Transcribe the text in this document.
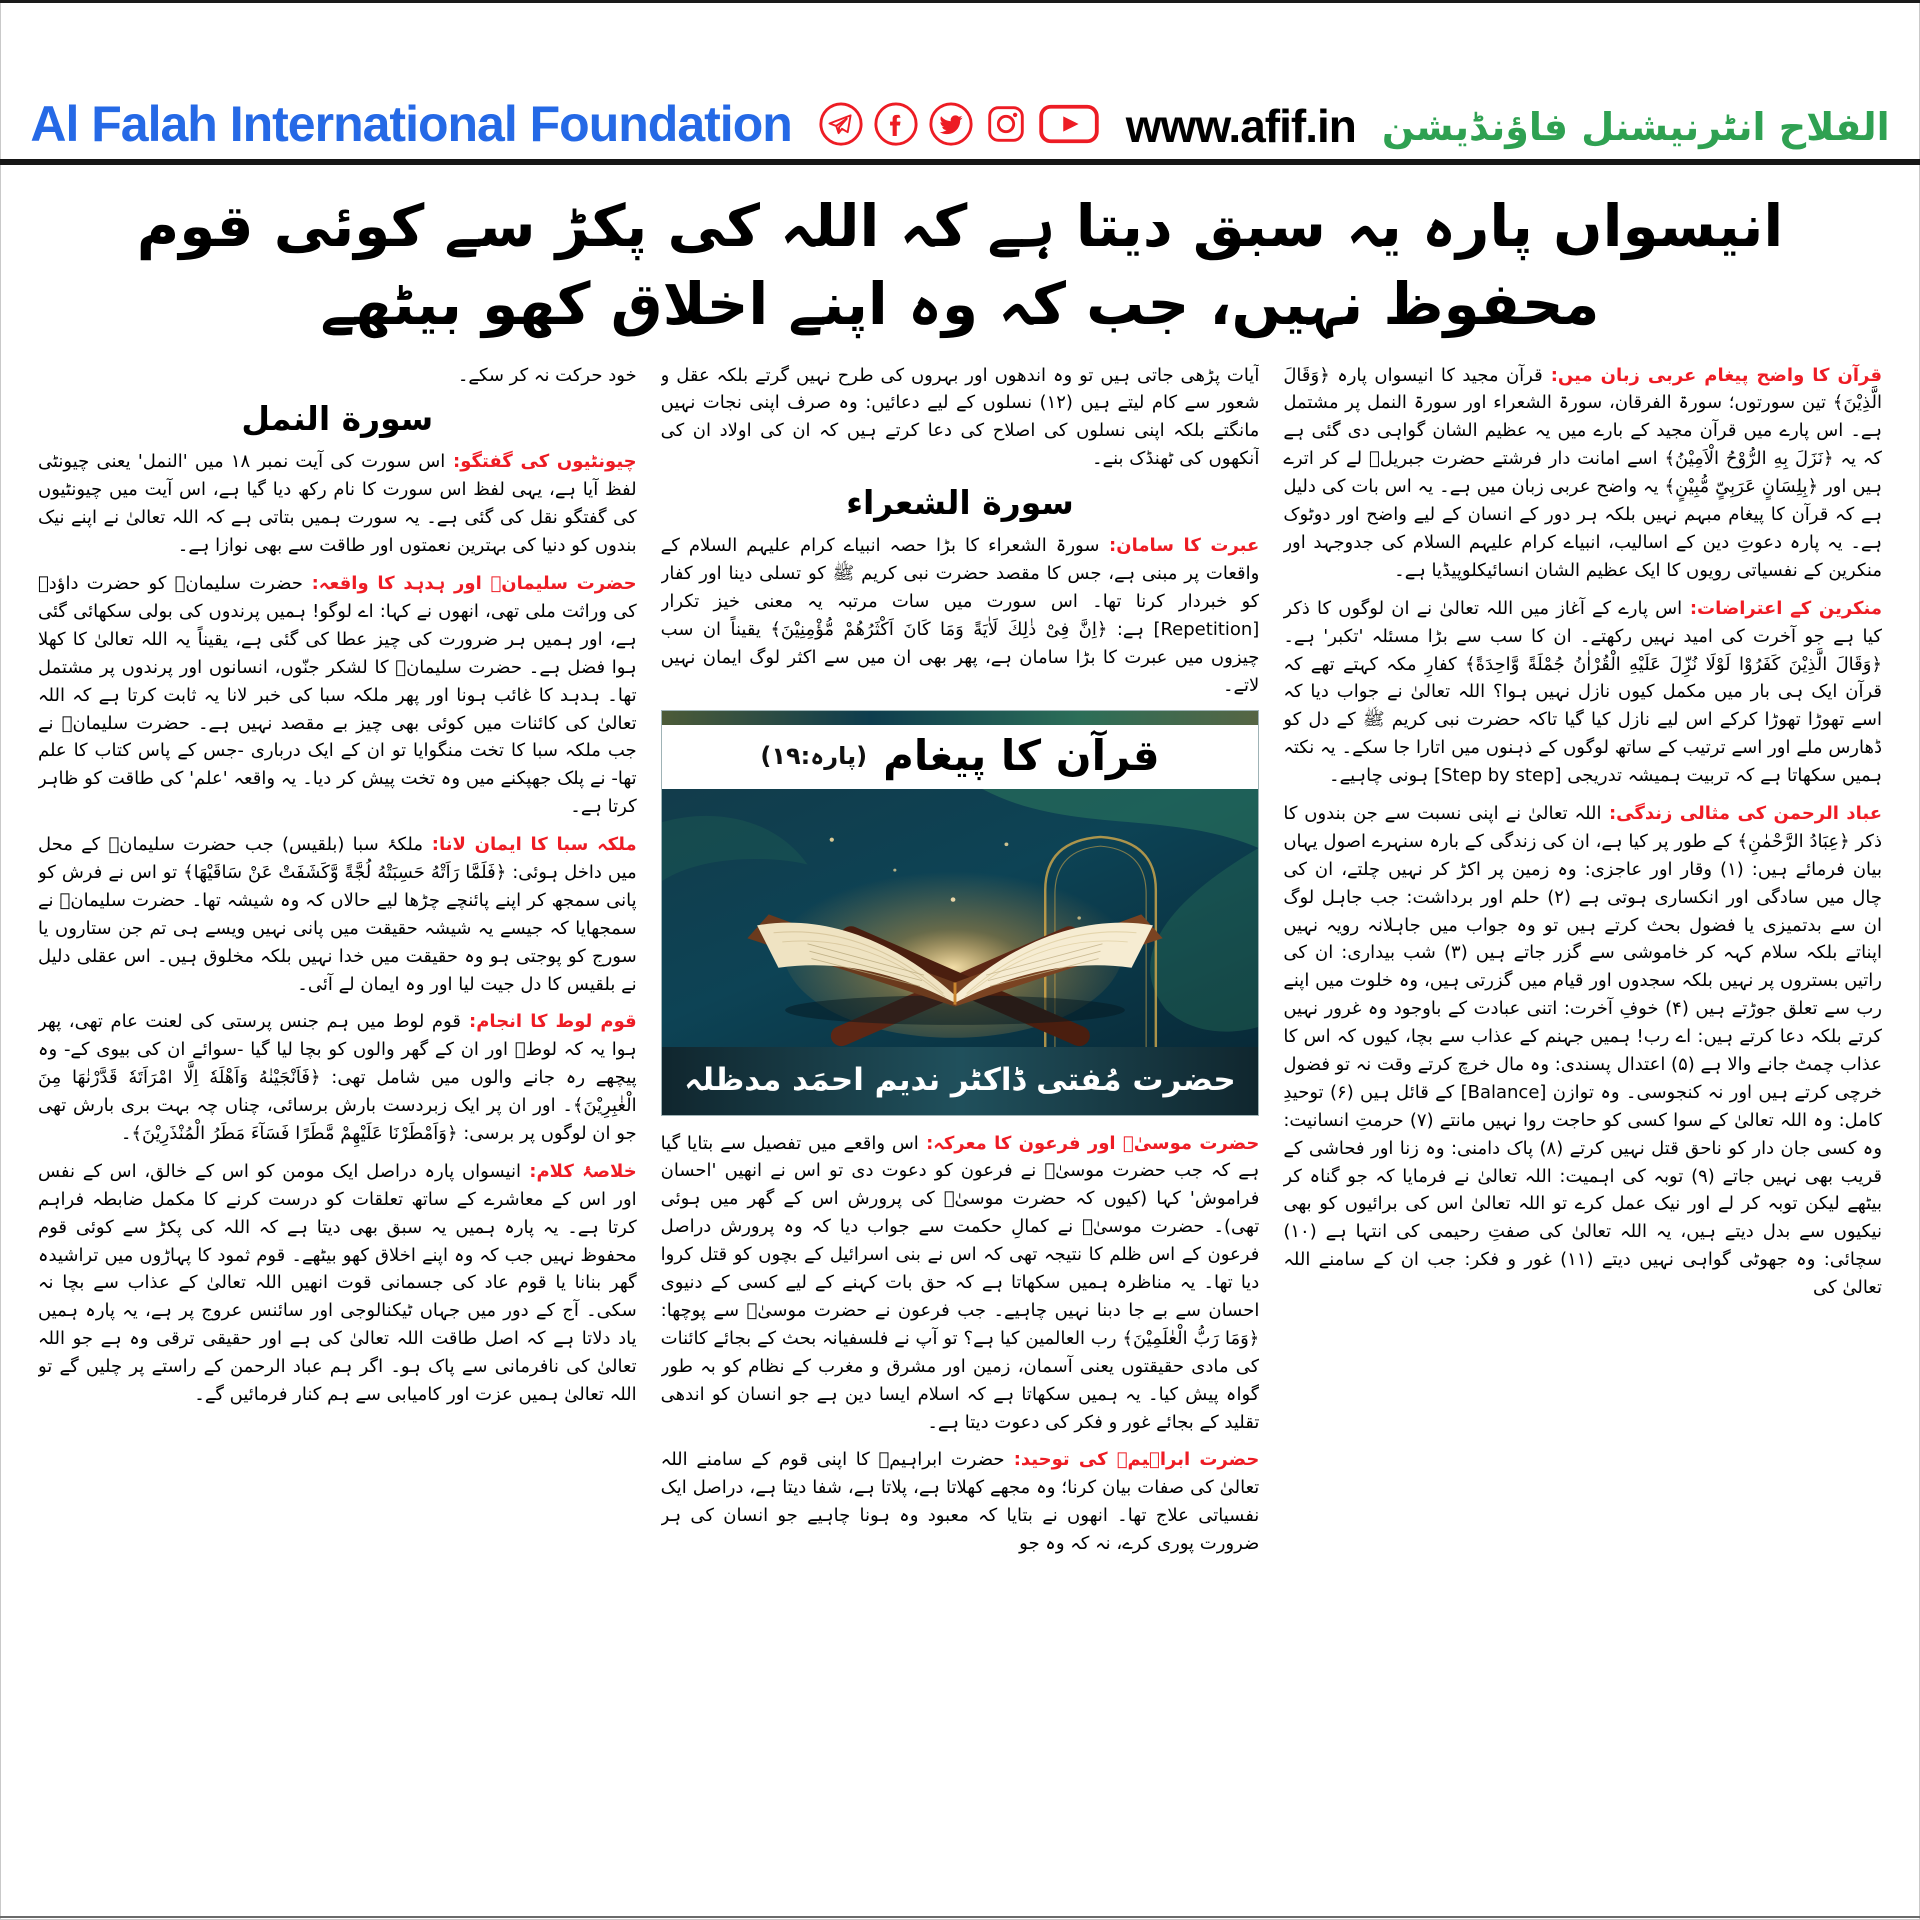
Al Falah International Foundation	www.afif.in الفلاح انٹرنیشنل فاؤنڈیشن
انیسواں پارہ یہ سبق دیتا ہے کہ اللہ کی پکڑ سے کوئی قوم محفوظ نہیں، جب کہ وہ اپنے اخلاق کھو بیٹھے

قرآن کا واضح پیغام عربی زبان میں: قرآن مجید کا انیسواں پارہ ﴿وَقَالَ الَّذِیْنَ﴾ تین سورتوں؛ سورۃ الفرقان، سورۃ الشعراء اور سورۃ النمل پر مشتمل ہے۔ اس پارے میں قرآن مجید کے بارے میں یہ عظیم الشان گواہی دی گئی ہے کہ یہ ﴿نَزَلَ بِهِ الرُّوْحُ الْاَمِیْنُ﴾ اسے امانت دار فرشتے حضرت جبریلؑ لے کر اترے ہیں اور ﴿بِلِسَانٍ عَرَبِیٍّ مُّبِیْنٍ﴾ یہ واضح عربی زبان میں ہے۔ یہ اس بات کی دلیل ہے کہ قرآن کا پیغام مبہم نہیں بلکہ ہر دور کے انسان کے لیے واضح اور دوٹوک ہے۔ یہ پارہ دعوتِ دین کے اسالیب، انبیاے کرام علیہم السلام کی جدوجہد اور منکرین کے نفسیاتی رویوں کا ایک عظیم الشان انسائیکلوپیڈیا ہے۔

منکرین کے اعتراضات: اس پارے کے آغاز میں اللہ تعالیٰ نے ان لوگوں کا ذکر کیا ہے جو آخرت کی امید نہیں رکھتے۔ ان کا سب سے بڑا مسئلہ 'تکبر' ہے۔ ﴿وَقَالَ الَّذِیْنَ کَفَرُوْا لَوْلَا نُزِّلَ عَلَیْهِ الْقُرْاٰنُ جُمْلَةً وَّاحِدَةً﴾ کفارِ مکہ کہتے تھے کہ قرآن ایک ہی بار میں مکمل کیوں نازل نہیں ہوا؟ اللہ تعالیٰ نے جواب دیا کہ اسے تھوڑا تھوڑا کرکے اس لیے نازل کیا گیا تاکہ حضرت نبی کریم ﷺ کے دل کو ڈھارس ملے اور اسے ترتیب کے ساتھ لوگوں کے ذہنوں میں اتارا جا سکے۔ یہ نکتہ ہمیں سکھاتا ہے کہ تربیت ہمیشہ تدریجی [Step by step] ہونی چاہیے۔

عباد الرحمن کی مثالی زندگی: اللہ تعالیٰ نے اپنی نسبت سے جن بندوں کا ذکر ﴿عِبَادُ الرَّحْمٰنِ﴾ کے طور پر کیا ہے، ان کی زندگی کے بارہ سنہرے اصول یہاں بیان فرمائے ہیں: (۱) وقار اور عاجزی: وہ زمین پر اکڑ کر نہیں چلتے، ان کی چال میں سادگی اور انکساری ہوتی ہے (۲) حلم اور برداشت: جب جاہل لوگ ان سے بدتمیزی یا فضول بحث کرتے ہیں تو وہ جواب میں جاہلانہ رویہ نہیں اپناتے بلکہ سلام کہہ کر خاموشی سے گزر جاتے ہیں (۳) شب بیداری: ان کی راتیں بستروں پر نہیں بلکہ سجدوں اور قیام میں گزرتی ہیں، وہ خلوت میں اپنے رب سے تعلق جوڑتے ہیں (۴) خوفِ آخرت: اتنی عبادت کے باوجود وہ غرور نہیں کرتے بلکہ دعا کرتے ہیں: اے رب! ہمیں جہنم کے عذاب سے بچا، کیوں کہ اس کا عذاب چمٹ جانے والا ہے (۵) اعتدال پسندی: وہ مال خرچ کرتے وقت نہ تو فضول خرچی کرتے ہیں اور نہ کنجوسی۔ وہ توازن [Balance] کے قائل ہیں (۶) توحیدِ کامل: وہ اللہ تعالیٰ کے سوا کسی کو حاجت روا نہیں مانتے (۷) حرمتِ انسانیت: وہ کسی جان دار کو ناحق قتل نہیں کرتے (۸) پاک دامنی: وہ زنا اور فحاشی کے قریب بھی نہیں جاتے (۹) توبہ کی اہمیت: اللہ تعالیٰ نے فرمایا کہ جو گناہ کر بیٹھے لیکن توبہ کر لے اور نیک عمل کرے تو اللہ تعالیٰ اس کی برائیوں کو بھی نیکیوں سے بدل دیتے ہیں، یہ اللہ تعالیٰ کی صفتِ رحیمی کی انتہا ہے (۱۰) سچائی: وہ جھوٹی گواہی نہیں دیتے (۱۱) غور و فکر: جب ان کے سامنے اللہ تعالیٰ کی

آیات پڑھی جاتی ہیں تو وہ اندھوں اور بہروں کی طرح نہیں گرتے بلکہ عقل و شعور سے کام لیتے ہیں (۱۲) نسلوں کے لیے دعائیں: وہ صرف اپنی نجات نہیں مانگتے بلکہ اپنی نسلوں کی اصلاح کی دعا کرتے ہیں کہ ان کی اولاد ان کی آنکھوں کی ٹھنڈک بنے۔

سورة الشعراء

عبرت کا سامان: سورۃ الشعراء کا بڑا حصہ انبیاے کرام علیہم السلام کے واقعات پر مبنی ہے، جس کا مقصد حضرت نبی کریم ﷺ کو تسلی دینا اور کفار کو خبردار کرنا تھا۔ اس سورت میں سات مرتبہ یہ معنی خیز تکرار [Repetition] ہے: ﴿اِنَّ فِیْ ذٰلِكَ لَاٰیَةً وَمَا كَانَ اَكْثَرُهُمْ مُّؤْمِنِیْنَ﴾ یقیناً ان سب چیزوں میں عبرت کا بڑا سامان ہے، پھر بھی ان میں سے اکثر لوگ ایمان نہیں لاتے۔

قرآن کا پیغام
(پارہ:۱۹)
حضرت مُفتی ڈاکٹر ندیم احمَد مدظلہ

حضرت موسیٰؑ اور فرعون کا معرکہ: اس واقعے میں تفصیل سے بتایا گیا ہے کہ جب حضرت موسیٰؑ نے فرعون کو دعوت دی تو اس نے انھیں 'احسان فراموش' کہا (کیوں کہ حضرت موسیٰؑ کی پرورش اس کے گھر میں ہوئی تھی)۔ حضرت موسیٰؑ نے کمالِ حکمت سے جواب دیا کہ وہ پرورش دراصل فرعون کے اس ظلم کا نتیجہ تھی کہ اس نے بنی اسرائیل کے بچوں کو قتل کروا دیا تھا۔ یہ مناظرہ ہمیں سکھاتا ہے کہ حق بات کہنے کے لیے کسی کے دنیوی احسان سے بے جا دبنا نہیں چاہیے۔ جب فرعون نے حضرت موسیٰؑ سے پوچھا: ﴿وَمَا رَبُّ الْعٰلَمِیْنَ﴾ رب العالمین کیا ہے؟ تو آپ نے فلسفیانہ بحث کے بجائے کائنات کی مادی حقیقتوں یعنی آسمان، زمین اور مشرق و مغرب کے نظام کو بہ طور گواہ پیش کیا۔ یہ ہمیں سکھاتا ہے کہ اسلام ایسا دین ہے جو انسان کو اندھی تقلید کے بجائے غور و فکر کی دعوت دیتا ہے۔

حضرت ابراہیمؑ کی توحید: حضرت ابراہیمؑ کا اپنی قوم کے سامنے اللہ تعالیٰ کی صفات بیان کرنا؛ وہ مجھے کھلاتا ہے، پلاتا ہے، شفا دیتا ہے، دراصل ایک نفسیاتی علاج تھا۔ انھوں نے بتایا کہ معبود وہ ہونا چاہیے جو انسان کی ہر ضرورت پوری کرے، نہ کہ وہ جو

خود حرکت نہ کر سکے۔

سورة النمل

چیونٹیوں کی گفتگو: اس سورت کی آیت نمبر ۱۸ میں 'النمل' یعنی چیونٹی لفظ آیا ہے، یہی لفظ اس سورت کا نام رکھ دیا گیا ہے، اس آیت میں چیونٹیوں کی گفتگو نقل کی گئی ہے۔ یہ سورت ہمیں بتاتی ہے کہ اللہ تعالیٰ نے اپنے نیک بندوں کو دنیا کی بہترین نعمتوں اور طاقت سے بھی نوازا ہے۔

حضرت سلیمانؑ اور ہدہد کا واقعہ: حضرت سلیمانؑ کو حضرت داؤدؑ کی وراثت ملی تھی، انھوں نے کہا: اے لوگو! ہمیں پرندوں کی بولی سکھائی گئی ہے، اور ہمیں ہر ضرورت کی چیز عطا کی گئی ہے، یقیناً یہ اللہ تعالیٰ کا کھلا ہوا فضل ہے۔ حضرت سلیمانؑ کا لشکر جنّوں، انسانوں اور پرندوں پر مشتمل تھا۔ ہدہد کا غائب ہونا اور پھر ملکہ سبا کی خبر لانا یہ ثابت کرتا ہے کہ اللہ تعالیٰ کی کائنات میں کوئی بھی چیز بے مقصد نہیں ہے۔ حضرت سلیمانؑ نے جب ملکہ سبا کا تخت منگوایا تو ان کے ایک درباری -جس کے پاس کتاب کا علم تھا- نے پلک جھپکنے میں وہ تخت پیش کر دیا۔ یہ واقعہ 'علم' کی طاقت کو ظاہر کرتا ہے۔

ملکہ سبا کا ایمان لانا: ملکۂ سبا (بلقیس) جب حضرت سلیمانؑ کے محل میں داخل ہوئی: ﴿فَلَمَّا رَاَتْهُ حَسِبَتْهُ لُجَّةً وَّكَشَفَتْ عَنْ سَاقَیْهَا﴾ تو اس نے فرش کو پانی سمجھ کر اپنے پائنچے چڑھا لیے حالاں کہ وہ شیشہ تھا۔ حضرت سلیمانؑ نے سمجھایا کہ جیسے یہ شیشہ حقیقت میں پانی نہیں ویسے ہی تم جن ستاروں یا سورج کو پوجتی ہو وہ حقیقت میں خدا نہیں بلکہ مخلوق ہیں۔ اس عقلی دلیل نے بلقیس کا دل جیت لیا اور وہ ایمان لے آئی۔

قوم لوط کا انجام: قوم لوط میں ہم جنس پرستی کی لعنت عام تھی، پھر ہوا یہ کہ لوطؑ اور ان کے گھر والوں کو بچا لیا گیا -سوائے ان کی بیوی کے- وہ پیچھے رہ جانے والوں میں شامل تھی: ﴿فَاَنْجَیْنٰهُ وَاَهْلَهٗ اِلَّا امْرَاَتَهٗ قَدَّرْنٰهَا مِنَ الْغٰبِرِیْنَ﴾۔ اور ان پر ایک زبردست بارش برسائی، چناں چہ بہت بری بارش تھی جو ان لوگوں پر برسی: ﴿وَاَمْطَرْنَا عَلَیْهِمْ مَّطَرًا فَسَآءَ مَطَرُ الْمُنْذَرِیْنَ﴾۔

خلاصۂ کلام: انیسواں پارہ دراصل ایک مومن کو اس کے خالق، اس کے نفس اور اس کے معاشرے کے ساتھ تعلقات کو درست کرنے کا مکمل ضابطہ فراہم کرتا ہے۔ یہ پارہ ہمیں یہ سبق بھی دیتا ہے کہ اللہ کی پکڑ سے کوئی قوم محفوظ نہیں جب کہ وہ اپنے اخلاق کھو بیٹھے۔ قوم ثمود کا پہاڑوں میں تراشیدہ گھر بنانا یا قوم عاد کی جسمانی قوت انھیں اللہ تعالیٰ کے عذاب سے بچا نہ سکی۔ آج کے دور میں جہاں ٹیکنالوجی اور سائنس عروج پر ہے، یہ پارہ ہمیں یاد دلاتا ہے کہ اصل طاقت اللہ تعالیٰ کی ہے اور حقیقی ترقی وہ ہے جو اللہ تعالیٰ کی نافرمانی سے پاک ہو۔ اگر ہم عباد الرحمن کے راستے پر چلیں گے تو اللہ تعالیٰ ہمیں عزت اور کامیابی سے ہم کنار فرمائیں گے۔
